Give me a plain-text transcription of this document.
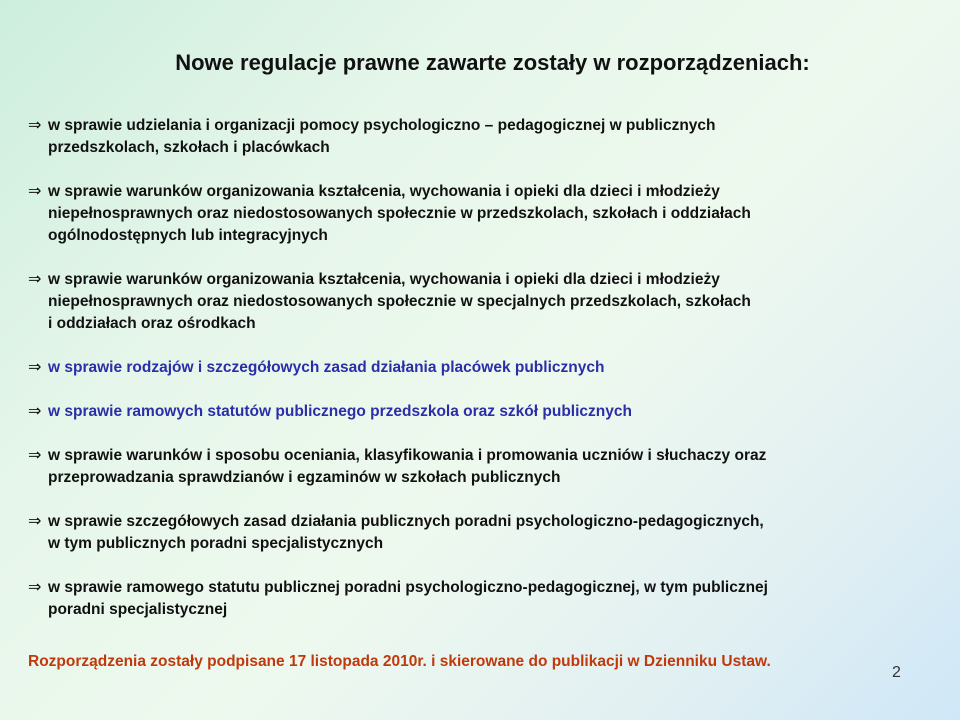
Nowe regulacje prawne zawarte zostały w rozporządzeniach:
⇒ w sprawie udzielania i organizacji pomocy psychologiczno – pedagogicznej w publicznych
przedszkolach, szkołach i placówkach
⇒ w sprawie warunków organizowania kształcenia, wychowania i opieki dla dzieci i młodzieży
niepełnosprawnych oraz niedostosowanych społecznie w przedszkolach, szkołach i oddziałach
ogólnodostępnych lub integracyjnych
⇒ w sprawie warunków organizowania kształcenia, wychowania i opieki dla dzieci i młodzieży
niepełnosprawnych oraz niedostosowanych społecznie w specjalnych przedszkolach, szkołach
i oddziałach oraz ośrodkach
⇒ w sprawie rodzajów i szczegółowych zasad działania placówek publicznych
⇒ w sprawie ramowych statutów publicznego przedszkola oraz szkół publicznych
⇒ w sprawie warunków i sposobu oceniania, klasyfikowania i promowania uczniów i słuchaczy oraz
przeprowadzania sprawdzianów i egzaminów w szkołach publicznych
⇒ w sprawie szczegółowych zasad działania publicznych poradni psychologiczno-pedagogicznych,
w tym publicznych poradni specjalistycznych
⇒ w sprawie ramowego statutu publicznej poradni psychologiczno-pedagogicznej, w tym publicznej
poradni specjalistycznej
Rozporządzenia zostały podpisane 17 listopada 2010r. i skierowane do publikacji w Dzienniku Ustaw.
2
